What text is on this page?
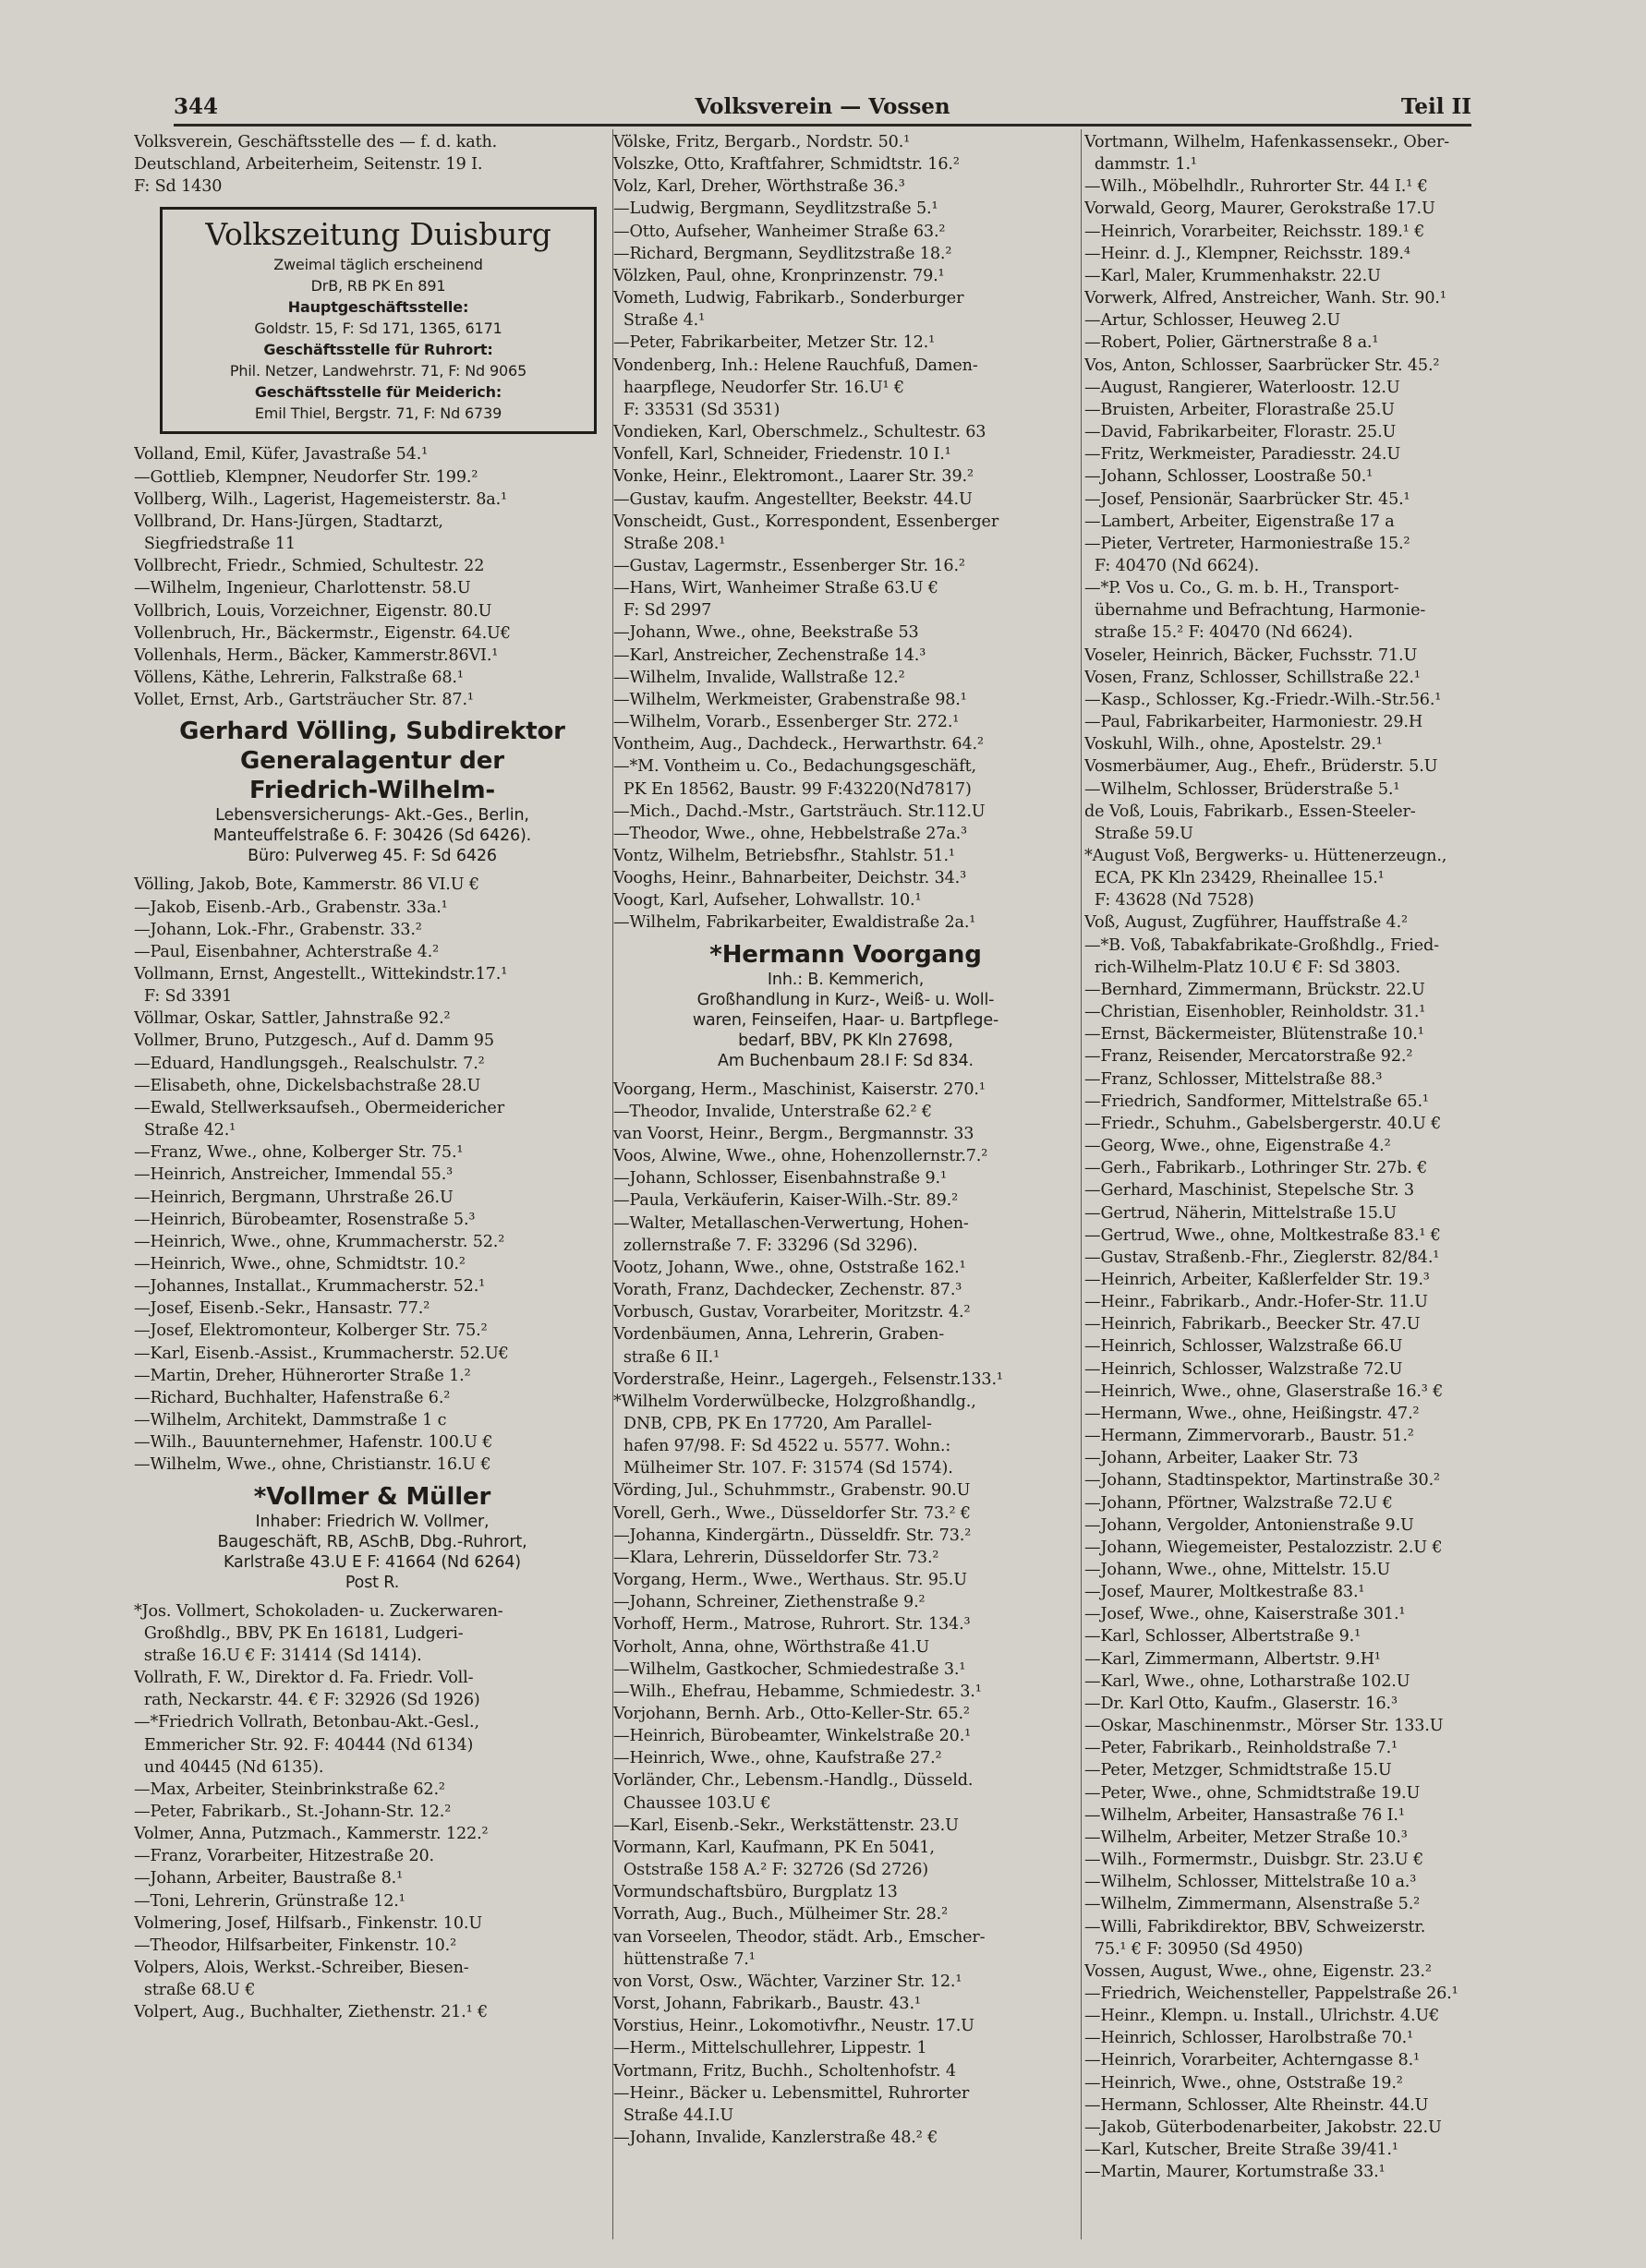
344	Volksverein — Vossen	Teil II
Volksverein, Geschäftsstelle des — f. d. kath.
Deutschland, Arbeiterheim, Seitenstr. 19 I.
F: Sd 1430
Volkszeitung Duisburg
Zweimal täglich erscheinend
DrB, RB PK En 891
Hauptgeschäftsstelle:
Goldstr. 15, F: Sd 171, 1365, 6171
Geschäftsstelle für Ruhrort:
Phil. Netzer, Landwehrstr. 71, F: Nd 9065
Geschäftsstelle für Meiderich:
Emil Thiel, Bergstr. 71, F: Nd 6739
Volland, Emil, Küfer, Javastraße 54.¹
—Gottlieb, Klempner, Neudorfer Str. 199.²
Vollberg, Wilh., Lagerist, Hagemeisterstr. 8a.¹
Vollbrand, Dr. Hans-Jürgen, Stadtarzt,
Siegfriedstraße 11
Vollbrecht, Friedr., Schmied, Schultestr. 22
—Wilhelm, Ingenieur, Charlottenstr. 58.U
Vollbrich, Louis, Vorzeichner, Eigenstr. 80.U
Vollenbruch, Hr., Bäckermstr., Eigenstr. 64.U€
Vollenhals, Herm., Bäcker, Kammerstr.86VI.¹
Völlens, Käthe, Lehrerin, Falkstraße 68.¹
Vollet, Ernst, Arb., Gartsträucher Str. 87.¹
Gerhard Völling, Subdirektor
Generalagentur der
Friedrich-Wilhelm-
Lebensversicherungs- Akt.-Ges., Berlin,
Manteuffelstraße 6. F: 30426 (Sd 6426).
Büro: Pulverweg 45. F: Sd 6426
Völling, Jakob, Bote, Kammerstr. 86 VI.U €
—Jakob, Eisenb.-Arb., Grabenstr. 33a.¹
—Johann, Lok.-Fhr., Grabenstr. 33.²
—Paul, Eisenbahner, Achterstraße 4.²
Vollmann, Ernst, Angestellt., Wittekindstr.17.¹
F: Sd 3391
Völlmar, Oskar, Sattler, Jahnstraße 92.²
Vollmer, Bruno, Putzgesch., Auf d. Damm 95
—Eduard, Handlungsgeh., Realschulstr. 7.²
—Elisabeth, ohne, Dickelsbachstraße 28.U
—Ewald, Stellwerksaufseh., Obermeidericher
Straße 42.¹
—Franz, Wwe., ohne, Kolberger Str. 75.¹
—Heinrich, Anstreicher, Immendal 55.³
—Heinrich, Bergmann, Uhrstraße 26.U
—Heinrich, Bürobeamter, Rosenstraße 5.³
—Heinrich, Wwe., ohne, Krummacherstr. 52.²
—Heinrich, Wwe., ohne, Schmidtstr. 10.²
—Johannes, Installat., Krummacherstr. 52.¹
—Josef, Eisenb.-Sekr., Hansastr. 77.²
—Josef, Elektromonteur, Kolberger Str. 75.²
—Karl, Eisenb.-Assist., Krummacherstr. 52.U€
—Martin, Dreher, Hühnerorter Straße 1.²
—Richard, Buchhalter, Hafenstraße 6.²
—Wilhelm, Architekt, Dammstraße 1 c
—Wilh., Bauunternehmer, Hafenstr. 100.U €
—Wilhelm, Wwe., ohne, Christianstr. 16.U €
*Vollmer & Müller
Inhaber: Friedrich W. Vollmer,
Baugeschäft, RB, ASchB, Dbg.-Ruhrort,
Karlstraße 43.U E F: 41664 (Nd 6264)
Post R.
*Jos. Vollmert, Schokoladen- u. Zuckerwaren-
Großhdlg., BBV, PK En 16181, Ludgeri-
straße 16.U € F: 31414 (Sd 1414).
Vollrath, F. W., Direktor d. Fa. Friedr. Voll-
rath, Neckarstr. 44. € F: 32926 (Sd 1926)
—*Friedrich Vollrath, Betonbau-Akt.-Gesl.,
Emmericher Str. 92. F: 40444 (Nd 6134)
und 40445 (Nd 6135).
—Max, Arbeiter, Steinbrinkstraße 62.²
—Peter, Fabrikarb., St.-Johann-Str. 12.²
Volmer, Anna, Putzmach., Kammerstr. 122.²
—Franz, Vorarbeiter, Hitzestraße 20.
—Johann, Arbeiter, Baustraße 8.¹
—Toni, Lehrerin, Grünstraße 12.¹
Volmering, Josef, Hilfsarb., Finkenstr. 10.U
—Theodor, Hilfsarbeiter, Finkenstr. 10.²
Volpers, Alois, Werkst.-Schreiber, Biesen-
straße 68.U €
Volpert, Aug., Buchhalter, Ziethenstr. 21.¹ €
Völske, Fritz, Bergarb., Nordstr. 50.¹
Volszke, Otto, Kraftfahrer, Schmidtstr. 16.²
Volz, Karl, Dreher, Wörthstraße 36.³
—Ludwig, Bergmann, Seydlitzstraße 5.¹
—Otto, Aufseher, Wanheimer Straße 63.²
—Richard, Bergmann, Seydlitzstraße 18.²
Völzken, Paul, ohne, Kronprinzenstr. 79.¹
Vometh, Ludwig, Fabrikarb., Sonderburger
Straße 4.¹
—Peter, Fabrikarbeiter, Metzer Str. 12.¹
Vondenberg, Inh.: Helene Rauchfuß, Damen-
haarpflege, Neudorfer Str. 16.U¹ €
F: 33531 (Sd 3531)
Vondieken, Karl, Oberschmelz., Schultestr. 63
Vonfell, Karl, Schneider, Friedenstr. 10 I.¹
Vonke, Heinr., Elektromont., Laarer Str. 39.²
—Gustav, kaufm. Angestellter, Beekstr. 44.U
Vonscheidt, Gust., Korrespondent, Essenberger
Straße 208.¹
—Gustav, Lagermstr., Essenberger Str. 16.²
—Hans, Wirt, Wanheimer Straße 63.U €
F: Sd 2997
—Johann, Wwe., ohne, Beekstraße 53
—Karl, Anstreicher, Zechenstraße 14.³
—Wilhelm, Invalide, Wallstraße 12.²
—Wilhelm, Werkmeister, Grabenstraße 98.¹
—Wilhelm, Vorarb., Essenberger Str. 272.¹
Vontheim, Aug., Dachdeck., Herwarthstr. 64.²
—*M. Vontheim u. Co., Bedachungsgeschäft,
PK En 18562, Baustr. 99 F:43220(Nd7817)
—Mich., Dachd.-Mstr., Gartsträuch. Str.112.U
—Theodor, Wwe., ohne, Hebbelstraße 27a.³
Vontz, Wilhelm, Betriebsfhr., Stahlstr. 51.¹
Vooghs, Heinr., Bahnarbeiter, Deichstr. 34.³
Voogt, Karl, Aufseher, Lohwallstr. 10.¹
—Wilhelm, Fabrikarbeiter, Ewaldistraße 2a.¹
*Hermann Voorgang
Inh.: B. Kemmerich,
Großhandlung in Kurz-, Weiß- u. Woll-
waren, Feinseifen, Haar- u. Bartpflege-
bedarf, BBV, PK Kln 27698,
Am Buchenbaum 28.I F: Sd 834.
Voorgang, Herm., Maschinist, Kaiserstr. 270.¹
—Theodor, Invalide, Unterstraße 62.² €
van Voorst, Heinr., Bergm., Bergmannstr. 33
Voos, Alwine, Wwe., ohne, Hohenzollernstr.7.²
—Johann, Schlosser, Eisenbahnstraße 9.¹
—Paula, Verkäuferin, Kaiser-Wilh.-Str. 89.²
—Walter, Metallaschen-Verwertung, Hohen-
zollernstraße 7. F: 33296 (Sd 3296).
Vootz, Johann, Wwe., ohne, Oststraße 162.¹
Vorath, Franz, Dachdecker, Zechenstr. 87.³
Vorbusch, Gustav, Vorarbeiter, Moritzstr. 4.²
Vordenbäumen, Anna, Lehrerin, Graben-
straße 6 II.¹
Vorderstraße, Heinr., Lagergeh., Felsenstr.133.¹
*Wilhelm Vorderwülbecke, Holzgroßhandlg.,
DNB, CPB, PK En 17720, Am Parallel-
hafen 97/98. F: Sd 4522 u. 5577. Wohn.:
Mülheimer Str. 107. F: 31574 (Sd 1574).
Vörding, Jul., Schuhmmstr., Grabenstr. 90.U
Vorell, Gerh., Wwe., Düsseldorfer Str. 73.² €
—Johanna, Kindergärtn., Düsseldfr. Str. 73.²
—Klara, Lehrerin, Düsseldorfer Str. 73.²
Vorgang, Herm., Wwe., Werthaus. Str. 95.U
—Johann, Schreiner, Ziethenstraße 9.²
Vorhoff, Herm., Matrose, Ruhrort. Str. 134.³
Vorholt, Anna, ohne, Wörthstraße 41.U
—Wilhelm, Gastkocher, Schmiedestraße 3.¹
—Wilh., Ehefrau, Hebamme, Schmiedestr. 3.¹
Vorjohann, Bernh. Arb., Otto-Keller-Str. 65.²
—Heinrich, Bürobeamter, Winkelstraße 20.¹
—Heinrich, Wwe., ohne, Kaufstraße 27.²
Vorländer, Chr., Lebensm.-Handlg., Düsseld.
Chaussee 103.U €
—Karl, Eisenb.-Sekr., Werkstättenstr. 23.U
Vormann, Karl, Kaufmann, PK En 5041,
Oststraße 158 A.² F: 32726 (Sd 2726)
Vormundschaftsbüro, Burgplatz 13
Vorrath, Aug., Buch., Mülheimer Str. 28.²
van Vorseelen, Theodor, städt. Arb., Emscher-
hüttenstraße 7.¹
von Vorst, Osw., Wächter, Varziner Str. 12.¹
Vorst, Johann, Fabrikarb., Baustr. 43.¹
Vorstius, Heinr., Lokomotivfhr., Neustr. 17.U
—Herm., Mittelschullehrer, Lippestr. 1
Vortmann, Fritz, Buchh., Scholtenhofstr. 4
—Heinr., Bäcker u. Lebensmittel, Ruhrorter
Straße 44.I.U
—Johann, Invalide, Kanzlerstraße 48.² €
Vortmann, Wilhelm, Hafenkassensekr., Ober-
dammstr. 1.¹
—Wilh., Möbelhdlr., Ruhrorter Str. 44 I.¹ €
Vorwald, Georg, Maurer, Gerokstraße 17.U
—Heinrich, Vorarbeiter, Reichsstr. 189.¹ €
—Heinr. d. J., Klempner, Reichsstr. 189.⁴
—Karl, Maler, Krummenhakstr. 22.U
Vorwerk, Alfred, Anstreicher, Wanh. Str. 90.¹
—Artur, Schlosser, Heuweg 2.U
—Robert, Polier, Gärtnerstraße 8 a.¹
Vos, Anton, Schlosser, Saarbrücker Str. 45.²
—August, Rangierer, Waterloostr. 12.U
—Bruisten, Arbeiter, Florastraße 25.U
—David, Fabrikarbeiter, Florastr. 25.U
—Fritz, Werkmeister, Paradiesstr. 24.U
—Johann, Schlosser, Loostraße 50.¹
—Josef, Pensionär, Saarbrücker Str. 45.¹
—Lambert, Arbeiter, Eigenstraße 17 a
—Pieter, Vertreter, Harmoniestraße 15.²
F: 40470 (Nd 6624).
—*P. Vos u. Co., G. m. b. H., Transport-
übernahme und Befrachtung, Harmonie-
straße 15.² F: 40470 (Nd 6624).
Voseler, Heinrich, Bäcker, Fuchsstr. 71.U
Vosen, Franz, Schlosser, Schillstraße 22.¹
—Kasp., Schlosser, Kg.-Friedr.-Wilh.-Str.56.¹
—Paul, Fabrikarbeiter, Harmoniestr. 29.H
Voskuhl, Wilh., ohne, Apostelstr. 29.¹
Vosmerbäumer, Aug., Ehefr., Brüderstr. 5.U
—Wilhelm, Schlosser, Brüderstraße 5.¹
de Voß, Louis, Fabrikarb., Essen-Steeler-
Straße 59.U
*August Voß, Bergwerks- u. Hüttenerzeugn.,
ECA, PK Kln 23429, Rheinallee 15.¹
F: 43628 (Nd 7528)
Voß, August, Zugführer, Hauffstraße 4.²
—*B. Voß, Tabakfabrikate-Großhdlg., Fried-
rich-Wilhelm-Platz 10.U € F: Sd 3803.
—Bernhard, Zimmermann, Brückstr. 22.U
—Christian, Eisenhobler, Reinholdstr. 31.¹
—Ernst, Bäckermeister, Blütenstraße 10.¹
—Franz, Reisender, Mercatorstraße 92.²
—Franz, Schlosser, Mittelstraße 88.³
—Friedrich, Sandformer, Mittelstraße 65.¹
—Friedr., Schuhm., Gabelsbergerstr. 40.U €
—Georg, Wwe., ohne, Eigenstraße 4.²
—Gerh., Fabrikarb., Lothringer Str. 27b. €
—Gerhard, Maschinist, Stepelsche Str. 3
—Gertrud, Näherin, Mittelstraße 15.U
—Gertrud, Wwe., ohne, Moltkestraße 83.¹ €
—Gustav, Straßenb.-Fhr., Zieglerstr. 82/84.¹
—Heinrich, Arbeiter, Kaßlerfelder Str. 19.³
—Heinr., Fabrikarb., Andr.-Hofer-Str. 11.U
—Heinrich, Fabrikarb., Beecker Str. 47.U
—Heinrich, Schlosser, Walzstraße 66.U
—Heinrich, Schlosser, Walzstraße 72.U
—Heinrich, Wwe., ohne, Glaserstraße 16.³ €
—Hermann, Wwe., ohne, Heißingstr. 47.²
—Hermann, Zimmervorarb., Baustr. 51.²
—Johann, Arbeiter, Laaker Str. 73
—Johann, Stadtinspektor, Martinstraße 30.²
—Johann, Pförtner, Walzstraße 72.U €
—Johann, Vergolder, Antonienstraße 9.U
—Johann, Wiegemeister, Pestalozzistr. 2.U €
—Johann, Wwe., ohne, Mittelstr. 15.U
—Josef, Maurer, Moltkestraße 83.¹
—Josef, Wwe., ohne, Kaiserstraße 301.¹
—Karl, Schlosser, Albertstraße 9.¹
—Karl, Zimmermann, Albertstr. 9.H¹
—Karl, Wwe., ohne, Lotharstraße 102.U
—Dr. Karl Otto, Kaufm., Glaserstr. 16.³
—Oskar, Maschinenmstr., Mörser Str. 133.U
—Peter, Fabrikarb., Reinholdstraße 7.¹
—Peter, Metzger, Schmidtstraße 15.U
—Peter, Wwe., ohne, Schmidtstraße 19.U
—Wilhelm, Arbeiter, Hansastraße 76 I.¹
—Wilhelm, Arbeiter, Metzer Straße 10.³
—Wilh., Formermstr., Duisbgr. Str. 23.U €
—Wilhelm, Schlosser, Mittelstraße 10 a.³
—Wilhelm, Zimmermann, Alsenstraße 5.²
—Willi, Fabrikdirektor, BBV, Schweizerstr.
75.¹ € F: 30950 (Sd 4950)
Vossen, August, Wwe., ohne, Eigenstr. 23.²
—Friedrich, Weichensteller, Pappelstraße 26.¹
—Heinr., Klempn. u. Install., Ulrichstr. 4.U€
—Heinrich, Schlosser, Harolbstraße 70.¹
—Heinrich, Vorarbeiter, Achterngasse 8.¹
—Heinrich, Wwe., ohne, Oststraße 19.²
—Hermann, Schlosser, Alte Rheinstr. 44.U
—Jakob, Güterbodenarbeiter, Jakobstr. 22.U
—Karl, Kutscher, Breite Straße 39/41.¹
—Martin, Maurer, Kortumstraße 33.¹
